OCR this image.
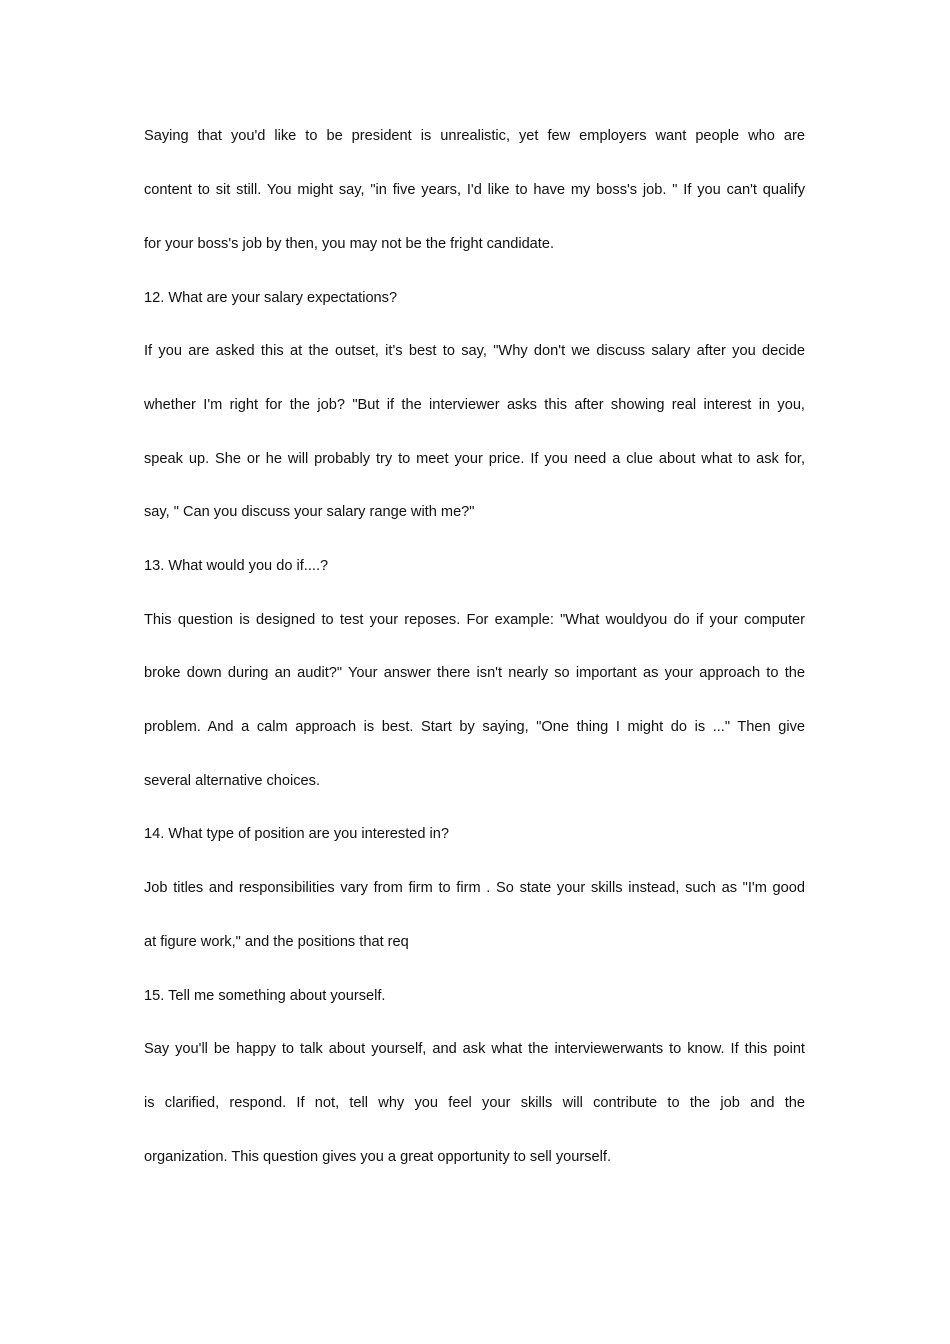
Saying that you'd like to be president is unrealistic, yet few employers want people who are
content to sit still. You might say, "in five years, I'd like to have my boss's job. " If you can't qualify
for your boss's job by then, you may not be the fright candidate.
12. What are your salary expectations?
If you are asked this at the outset, it's best to say, "Why don't we discuss salary after you decide
whether I'm right for the job? "But if the interviewer asks this after showing real interest in you,
speak up. She or he will probably try to meet your price. If you need a clue about what to ask for,
say, " Can you discuss your salary range with me?"
13. What would you do if....?
This question is designed to test your reposes. For example: "What wouldyou do if your computer
broke down during an audit?" Your answer there isn't nearly so important as your approach to the
problem. And a calm approach is best. Start by saying, "One thing I might do is ..." Then give
several alternative choices.
14. What type of position are you interested in?
Job titles and responsibilities vary from firm to firm . So state your skills instead, such as "I'm good
at figure work," and the positions that req
15. Tell me something about yourself.
Say you'll be happy to talk about yourself, and ask what the interviewerwants to know. If this point
is clarified, respond. If not, tell why you feel your skills will contribute to the job and the
organization. This question gives you a great opportunity to sell yourself.
